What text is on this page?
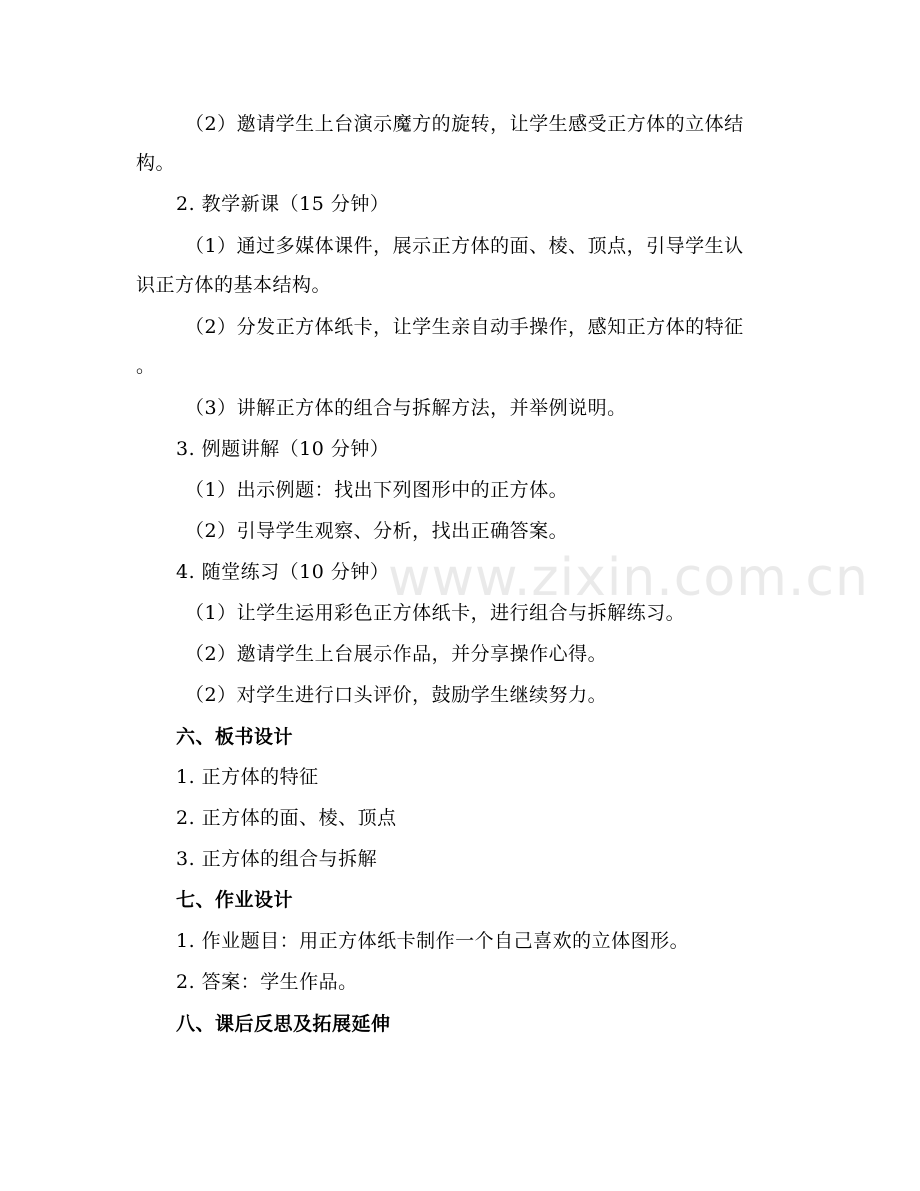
（2）邀请学生上台演示魔方的旋转，让学生感受正方体的立体结
构。
2. 教学新课（15 分钟）
（1）通过多媒体课件，展示正方体的面、棱、顶点，引导学生认
识正方体的基本结构。
（2）分发正方体纸卡，让学生亲自动手操作，感知正方体的特征
。
（3）讲解正方体的组合与拆解方法，并举例说明。
3. 例题讲解（10 分钟）
（1）出示例题：找出下列图形中的正方体。
（2）引导学生观察、分析，找出正确答案。
4. 随堂练习（10 分钟）
（1）让学生运用彩色正方体纸卡，进行组合与拆解练习。
（2）邀请学生上台展示作品，并分享操作心得。
（2）对学生进行口头评价，鼓励学生继续努力。
六、板书设计
1. 正方体的特征
2. 正方体的面、棱、顶点
3. 正方体的组合与拆解
七、作业设计
1. 作业题目：用正方体纸卡制作一个自己喜欢的立体图形。
2. 答案：学生作品。
八、课后反思及拓展延伸
www.zixin.com.cn
